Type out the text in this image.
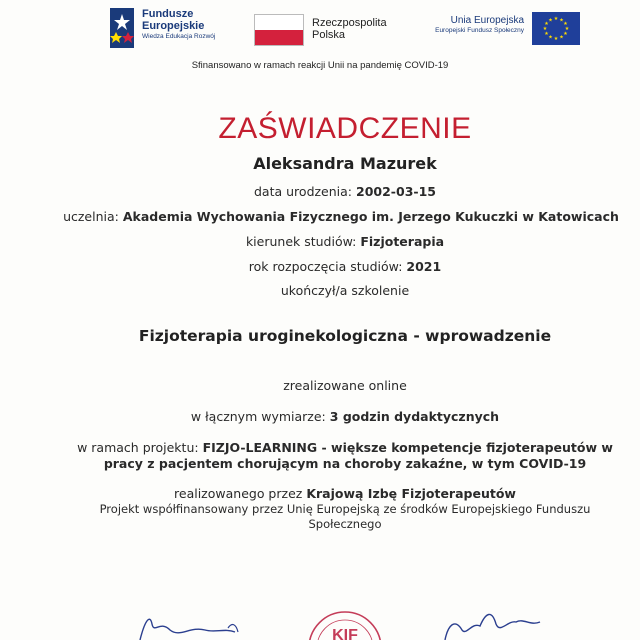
Fundusze
Europejskie
Wiedza Edukacja Rozwój
Rzeczpospolita
Polska
Unia Europejska
Europejski Fundusz Społeczny
★ ★
★
★
★
★
★
★
★
★
★
★
Sfinansowano w ramach reakcji Unii na pandemię COVID-19
ZAŚWIADCZENIE
Aleksandra Mazurek
data urodzenia: 2002-03-15
uczelnia: Akademia Wychowania Fizycznego im. Jerzego Kukuczki w Katowicach
kierunek studiów: Fizjoterapia
rok rozpoczęcia studiów: 2021
ukończył/a szkolenie
Fizjoterapia uroginekologiczna - wprowadzenie
zrealizowane online
w łącznym wymiarze: 3 godzin dydaktycznych
w ramach projektu: FIZJO-LEARNING - większe kompetencje fizjoterapeutów w
pracy z pacjentem chorującym na choroby zakaźne, w tym COVID-19
realizowanego przez Krajową Izbę Fizjoterapeutów
Projekt współfinansowany przez Unię Europejską ze środków Europejskiego Funduszu
Społecznego
KIF
